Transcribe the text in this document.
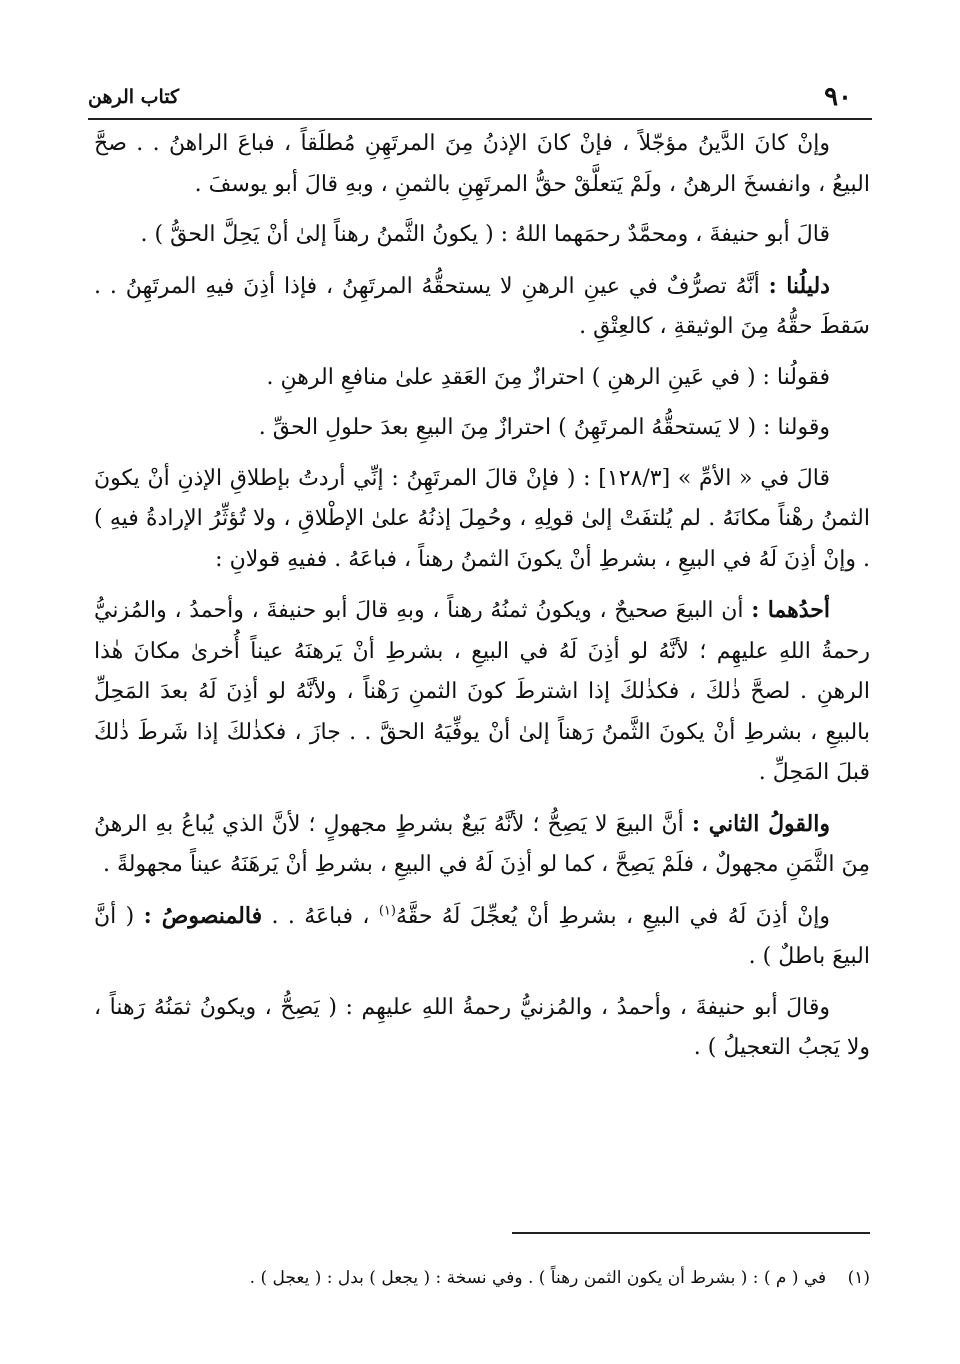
٩٠
كتاب الرهن

وإنْ كانَ الدَّينُ مؤجّلاً ، فإنْ كانَ الإذنُ مِنَ المرتَهِنِ مُطلَقاً ، فباعَ الراهنُ . . صحَّ البيعُ ، وانفسخَ الرهنُ ، ولَمْ يَتعلَّقْ حقُّ المرتَهِنِ بالثمنِ ، وبهِ قالَ أبو يوسفَ .

قالَ أبو حنيفةَ ، ومحمَّدٌ رحمَهما اللهُ : ( يكونُ الثَّمنُ رهناً إلىٰ أنْ يَحِلَّ الحقُّ ) .

دليلُنا : أنَّهُ تصرُّفٌ في عينِ الرهنِ لا يستحقُّهُ المرتَهِنُ ، فإذا أذِنَ فيهِ المرتَهِنُ . . سَقطَ حقُّهُ مِنَ الوثيقةِ ، كالعِتْقِ .

فقولُنا : ( في عَينِ الرهنِ ) احترازٌ مِنَ العَقدِ علىٰ منافعِ الرهنِ .

وقولنا : ( لا يَستحقُّهُ المرتَهِنُ ) احترازٌ مِنَ البيعِ بعدَ حلولِ الحقِّ .

قالَ في « الأمِّ » [١٢٨/٣] : ( فإنْ قالَ المرتَهِنُ : إنِّي أردتُ بإطلاقِ الإذنِ أنْ يكونَ الثمنُ رهْناً مكانَهُ . لم يُلتفَتْ إلىٰ قولِهِ ، وحُمِلَ إذنُهُ علىٰ الإطْلاقِ ، ولا تُؤثِّرُ الإرادةُ فيهِ ) . وإنْ أذِنَ لَهُ في البيعِ ، بشرطِ أنْ يكونَ الثمنُ رهناً ، فباعَهُ . ففيهِ قولانِ :

أحدُهما : أن البيعَ صحيحٌ ، ويكونُ ثمنُهُ رهناً ، وبهِ قالَ أبو حنيفةَ ، وأحمدُ ، والمُزنيُّ رحمةُ اللهِ عليهِم ؛ لأنَّهُ لو أذِنَ لَهُ في البيعِ ، بشرطِ أنْ يَرهنَهُ عيناً أُخرىٰ مكانَ هٰذا الرهنِ . لصحَّ ذٰلكَ ، فكذٰلكَ إذا اشترطَ كونَ الثمنِ رَهْناً ، ولأنَّهُ لو أذِنَ لَهُ بعدَ المَحِلِّ بالبيعِ ، بشرطِ أنْ يكونَ الثَّمنُ رَهناً إلىٰ أنْ يوفِّيَهُ الحقَّ . . جازَ ، فكذٰلكَ إذا شَرطَ ذٰلكَ قبلَ المَحِلِّ .

والقولُ الثاني : أنَّ البيعَ لا يَصِحُّ ؛ لأنَّهُ بَيعٌ بشرطٍ مجهولٍ ؛ لأنَّ الذي يُباعُ بهِ الرهنُ مِنَ الثَّمَنِ مجهولٌ ، فلَمْ يَصِحَّ ، كما لو أذِنَ لَهُ في البيعِ ، بشرطِ أنْ يَرهَنَهُ عيناً مجهولةً .

وإنْ أذِنَ لَهُ في البيعِ ، بشرطِ أنْ يُعجِّلَ لَهُ حقَّهُ$^{(١)}$ ، فباعَهُ . . فالمنصوصُ : ( أنَّ البيعَ باطلٌ ) .

وقالَ أبو حنيفةَ ، وأحمدُ ، والمُزنيُّ رحمةُ اللهِ عليهِم : ( يَصِحُّ ، ويكونُ ثمَنُهُ رَهناً ، ولا يَجبُ التعجيلُ ) .

(١) في ( م ) : ( بشرط أن يكون الثمن رهناً ) . وفي نسخة : ( يجعل ) بدل : ( يعجل ) .
